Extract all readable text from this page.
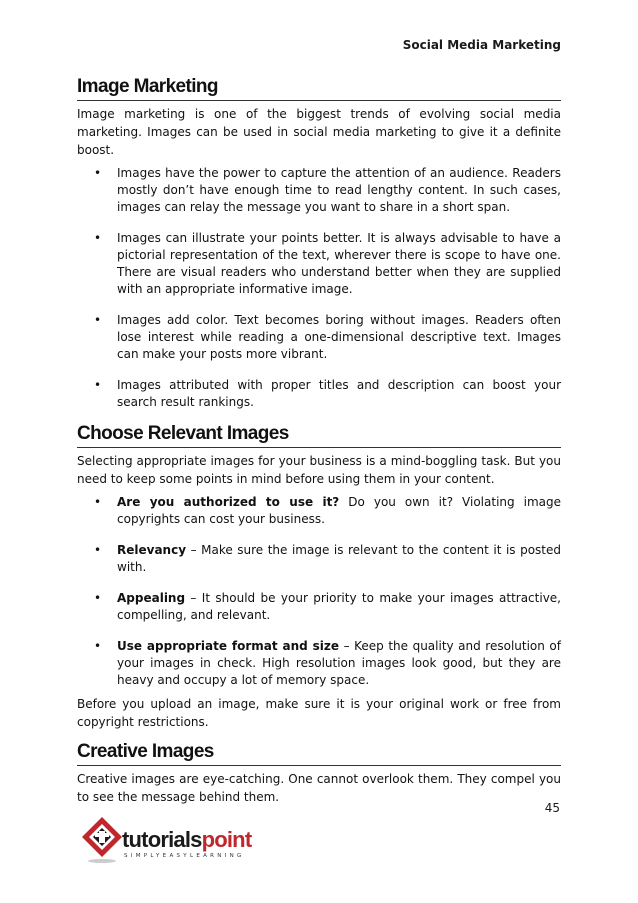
Social Media Marketing
Image Marketing

Image marketing is one of the biggest trends of evolving social media marketing. Images can be used in social media marketing to give it a definite boost.

• Images have the power to capture the attention of an audience. Readers mostly don’t have enough time to read lengthy content. In such cases, images can relay the message you want to share in a short span.
• Images can illustrate your points better. It is always advisable to have a pictorial representation of the text, wherever there is scope to have one. There are visual readers who understand better when they are supplied with an appropriate informative image.
• Images add color. Text becomes boring without images. Readers often lose interest while reading a one-dimensional descriptive text. Images can make your posts more vibrant.
• Images attributed with proper titles and description can boost your search result rankings.
Choose Relevant Images

Selecting appropriate images for your business is a mind-boggling task. But you need to keep some points in mind before using them in your content.

• Are you authorized to use it? Do you own it? Violating image copyrights can cost your business.
• Relevancy – Make sure the image is relevant to the content it is posted with.
• Appealing – It should be your priority to make your images attractive, compelling, and relevant.
• Use appropriate format and size – Keep the quality and resolution of your images in check. High resolution images look good, but they are heavy and occupy a lot of memory space.

Before you upload an image, make sure it is your original work or free from copyright restrictions.

Creative Images

Creative images are eye-catching. One cannot overlook them. They compel you to see the message behind them.

45
tutorialspoint
SIMPLYEASYLEARNING
